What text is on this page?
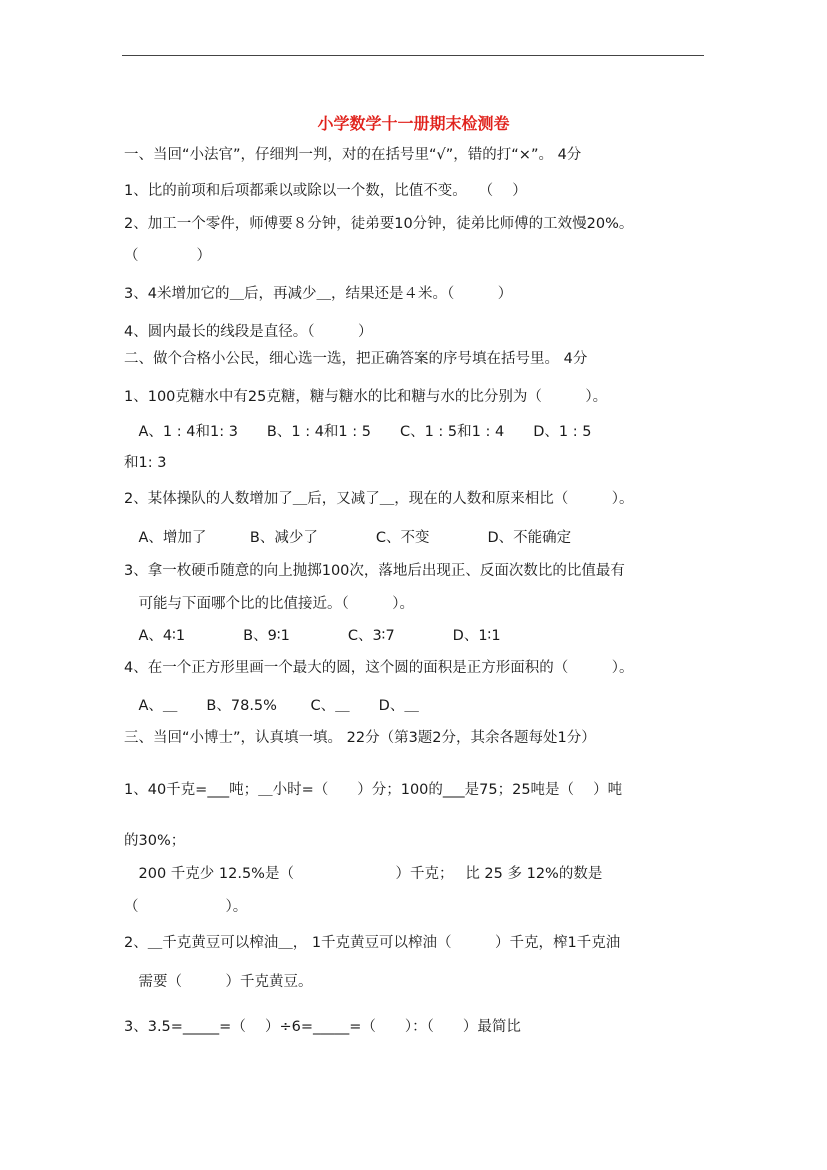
小学数学十一册期末检测卷
一、当回“小法官”，仔细判一判，对的在括号里“√”，错的打“×”。 4分
1、比的前项和后项都乘以或除以一个数，比值不变。　 （　 ）
2、加工一个零件，师傅要８分钟，徒弟要10分钟，徒弟比师傅的工效慢20%。
（　　　　）
3、4米增加它的＿后，再减少＿，结果还是４米。（　　　）
4、圆内最长的线段是直径。（　　　）
二、做个合格小公民，细心选一选，把正确答案的序号填在括号里。 4分
1、100克糖水中有25克糖，糖与糖水的比和糖与水的比分别为（　　　）。
　A、1 : 4和1: 3　　B、1 : 4和1 : 5　　C、1 : 5和1 : 4　　D、1 : 5
和1: 3
2、某体操队的人数增加了＿后，又减了＿，现在的人数和原来相比（　　　）。
　A、增加了　　　B、减少了　　　　C、不变　　　　D、不能确定
3、拿一枚硬币随意的向上抛掷100次，落地后出现正、反面次数比的比值最有
　可能与下面哪个比的比值接近。（　　　）。
　A、4∶1　　　　B、9∶1　　　　C、3∶7　　　　D、1∶1
4、在一个正方形里画一个最大的圆，这个圆的面积是正方形面积的（　　　）。
　A、＿　　B、78.5%　　 C、＿　　D、＿
三、当回“小博士”，认真填一填。 22分（第3题2分，其余各题每处1分）
1、40千克=___吨；＿小时=（　　）分；100的___是75；25吨是（　 ）吨
的30%；
　200 千克少 12.5%是（　　　　　　　）千克；　 比 25 多 12%的数是
（　　　　　　）。
2、＿千克黄豆可以榨油＿， 1千克黄豆可以榨油（　　　）千克，榨1千克油
　需要（　　　）千克黄豆。
3、3.5=_____=（　 ）÷6=_____=（　　）：（　　）最简比
